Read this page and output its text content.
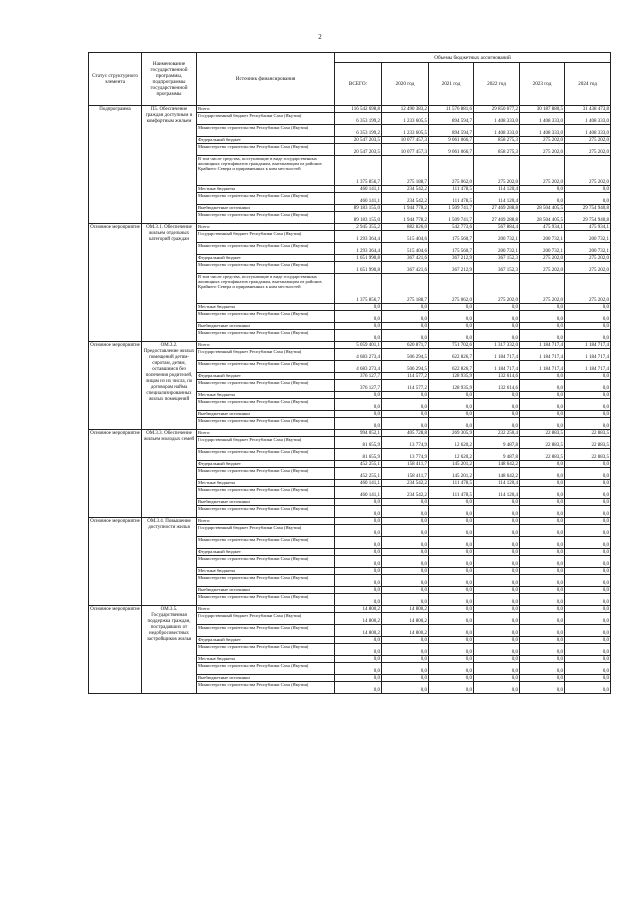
2
Статус структурного элемента	Наименование государственной программы, подпрограммы государственной программы	Источник финансирования	Объемы бюджетных ассигнований					
			ВСЕГО:	2020 год	2021 год	2022 год	2023 год	2024 год
Подпрограмма	П5. Обеспечение граждан доступным и комфортным жильем	Всего:	116 542 698,8	12 490 383,2	11 576 881,6	29 850 077,2	30 187 880,5	31 438 473,8
		Государственный бюджет Республики Саха (Якутия)	6 353 199,2	1 233 605,5	894 594,7	1 408 333,0	1 408 333,0	1 408 333,0
		Министерство строительства Республики Саха (Якутия)	6 353 199,2	1 233 605,5	894 594,7	1 408 333,0	1 408 333,0	1 408 333,0
		Федеральный бюджет	20 547 203,5	10 077 457,3	9 061 066,7	858 275,3	275 202,0	275 202,0
		Министерство строительства Республики Саха (Якутия)	20 547 203,5	10 077 457,3	9 061 066,7	858 275,3	275 202,0	275 202,0
		В том числе средства, поступающие в виде государственных жилищных сертификатов гражданам, выезжающим из районов Крайнего Севера и приравненных к ним местностей	1 375 856,7	275 188,7	275 062,0	275 202,0	275 202,0	275 202,0
		Местные бюджеты	460 141,1	234 542,2	111 478,5	114 120,4	0,0	0,0
		Министерство строительства Республики Саха (Якутия)	460 141,1	234 542,2	111 478,5	114 120,4	0,0	0,0
		Внебюджетные источники	89 183 155,0	1 944 778,2	1 509 741,7	27 469 288,8	28 504 405,5	29 754 940,8
		Министерство строительства Республики Саха (Якутия)	89 183 155,0	1 944 778,2	1 509 741,7	27 469 288,8	28 504 405,5	29 754 940,8
Основное мероприятие	ОМ.3.1. Обеспечение жильем отдельных категорий граждан	Всего:	2 945 355,2	882 826,0	542 773,6	567 884,4	475 934,1	475 934,1
		Государственный бюджет Республики Саха (Якутия)	1 293 364,4	515 404,6	175 560,7	200 732,1	200 732,1	200 732,1
		Министерство строительства Республики Саха (Якутия)	1 293 364,4	515 404,6	175 560,7	200 732,1	200 732,1	200 732,1
		Федеральный бюджет	1 651 990,8	367 421,6	367 212,9	367 152,3	275 202,0	275 202,0
		Министерство строительства Республики Саха (Якутия)	1 651 990,8	367 421,6	367 212,9	367 152,3	275 202,0	275 202,0
		В том числе средства, поступающие в виде государственных жилищных сертификатов гражданам, выезжающим из районов Крайнего Севера и приравненных к ним местностей	1 375 856,7	275 188,7	275 062,0	275 202,0	275 202,0	275 202,0
		Местные бюджеты	0,0	0,0	0,0	0,0	0,0	0,0
		Министерство строительства Республики Саха (Якутия)	0,0	0,0	0,0	0,0	0,0	0,0
		Внебюджетные источники	0,0	0,0	0,0	0,0	0,0	0,0
		Министерство строительства Республики Саха (Якутия)	0,0	0,0	0,0	0,0	0,0	0,0
Основное мероприятие	ОМ.3.2. Предоставление жилых помещений детям-сиротам, детям, оставшимся без попечения родителей, лицам из их числа, по договорам найма специализированных жилых помещений	Всего:	5 059 401,1	620 871,7	751 702,6	1 317 332,0	1 184 717,4	1 184 717,4
		Государственный бюджет Республики Саха (Якутия)	4 683 273,4	506 294,5	622 826,7	1 184 717,4	1 184 717,4	1 184 717,4
		Министерство строительства Республики Саха (Якутия)	4 683 273,4	506 294,5	622 826,7	1 184 717,4	1 184 717,4	1 184 717,4
		Федеральный бюджет	376 127,7	114 577,2	128 935,9	132 614,6	0,0	0,0
		Министерство строительства Республики Саха (Якутия)	376 127,7	114 577,2	128 935,9	132 614,6	0,0	0,0
		Местные бюджеты	0,0	0,0	0,0	0,0	0,0	0,0
		Министерство строительства Республики Саха (Якутия)	0,0	0,0	0,0	0,0	0,0	0,0
		Внебюджетные источники	0,0	0,0	0,0	0,0	0,0	0,0
		Министерство строительства Республики Саха (Якутия)	0,0	0,0	0,0	0,0	0,0	0,0
Основное мероприятие	ОМ.3.3. Обеспечение жильем молодых семей	Всего:	994 052,1	405 728,8	269 305,9	232 250,4	22 883,5	22 883,5
		Государственный бюджет Республики Саха (Якутия)	81 655,9	13 774,9	12 620,2	9 487,8	22 883,5	22 883,5
		Министерство строительства Республики Саха (Якутия)	81 655,9	13 774,9	12 620,2	9 487,8	22 883,5	22 883,5
		Федеральный бюджет	452 255,1	158 411,7	145 201,2	148 642,2	0,0	0,0
		Министерство строительства Республики Саха (Якутия)	452 255,1	158 411,7	145 201,2	148 642,2	0,0	0,0
		Местные бюджеты	460 141,1	234 542,2	111 478,5	114 120,4	0,0	0,0
		Министерство строительства Республики Саха (Якутия)	460 141,1	234 542,2	111 478,5	114 120,4	0,0	0,0
		Внебюджетные источники	0,0	0,0	0,0	0,0	0,0	0,0
		Министерство строительства Республики Саха (Якутия)	0,0	0,0	0,0	0,0	0,0	0,0
Основное мероприятие	ОМ.3.4. Повышение доступности жилья	Всего:	0,0	0,0	0,0	0,0	0,0	0,0
		Государственный бюджет Республики Саха (Якутия)	0,0	0,0	0,0	0,0	0,0	0,0
		Министерство строительства Республики Саха (Якутия)	0,0	0,0	0,0	0,0	0,0	0,0
		Федеральный бюджет	0,0	0,0	0,0	0,0	0,0	0,0
		Министерство строительства Республики Саха (Якутия)	0,0	0,0	0,0	0,0	0,0	0,0
		Местные бюджеты	0,0	0,0	0,0	0,0	0,0	0,0
		Министерство строительства Республики Саха (Якутия)	0,0	0,0	0,0	0,0	0,0	0,0
		Внебюджетные источники	0,0	0,0	0,0	0,0	0,0	0,0
		Министерство строительства Республики Саха (Якутия)	0,0	0,0	0,0	0,0	0,0	0,0
Основное мероприятие	ОМ.3.5. Государственная поддержка граждан, пострадавших от недобросовестных застройщиков жилья	Всего:	14 800,2	14 800,2	0,0	0,0	0,0	0,0
		Государственный бюджет Республики Саха (Якутия)	14 800,2	14 800,2	0,0	0,0	0,0	0,0
		Министерство строительства Республики Саха (Якутия)	14 800,2	14 800,2	0,0	0,0	0,0	0,0
		Федеральный бюджет	0,0	0,0	0,0	0,0	0,0	0,0
		Министерство строительства Республики Саха (Якутия)	0,0	0,0	0,0	0,0	0,0	0,0
		Местные бюджеты	0,0	0,0	0,0	0,0	0,0	0,0
		Министерство строительства Республики Саха (Якутия)	0,0	0,0	0,0	0,0	0,0	0,0
		Внебюджетные источники	0,0	0,0	0,0	0,0	0,0	0,0
		Министерство строительства Республики Саха (Якутия)	0,0	0,0	0,0	0,0	0,0	0,0
